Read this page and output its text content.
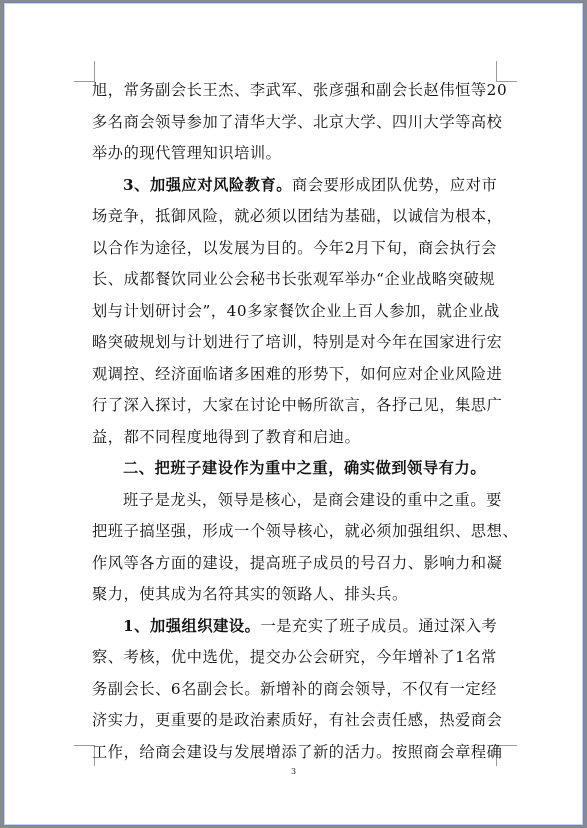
旭，常务副会长王杰、李武军、张彦强和副会长赵伟恒等20
多名商会领导参加了清华大学、北京大学、四川大学等高校
举办的现代管理知识培训。
3、加强应对风险教育。商会要形成团队优势，应对市
场竞争，抵御风险，就必须以团结为基础，以诚信为根本，
以合作为途径，以发展为目的。今年2月下旬，商会执行会
长、成都餐饮同业公会秘书长张观军举办“企业战略突破规
划与计划研讨会”，40多家餐饮企业上百人参加，就企业战
略突破规划与计划进行了培训，特别是对今年在国家进行宏
观调控、经济面临诸多困难的形势下，如何应对企业风险进
行了深入探讨，大家在讨论中畅所欲言，各抒己见，集思广
益，都不同程度地得到了教育和启迪。
二、把班子建设作为重中之重，确实做到领导有力。
班子是龙头，领导是核心，是商会建设的重中之重。要
把班子搞坚强，形成一个领导核心，就必须加强组织、思想、
作风等各方面的建设，提高班子成员的号召力、影响力和凝
聚力，使其成为名符其实的领路人、排头兵。
1、加强组织建设。一是充实了班子成员。通过深入考
察、考核，优中选优，提交办公会研究，今年增补了1名常
务副会长、6名副会长。新增补的商会领导，不仅有一定经
济实力，更重要的是政治素质好，有社会责任感，热爱商会
工作，给商会建设与发展增添了新的活力。按照商会章程确
3
